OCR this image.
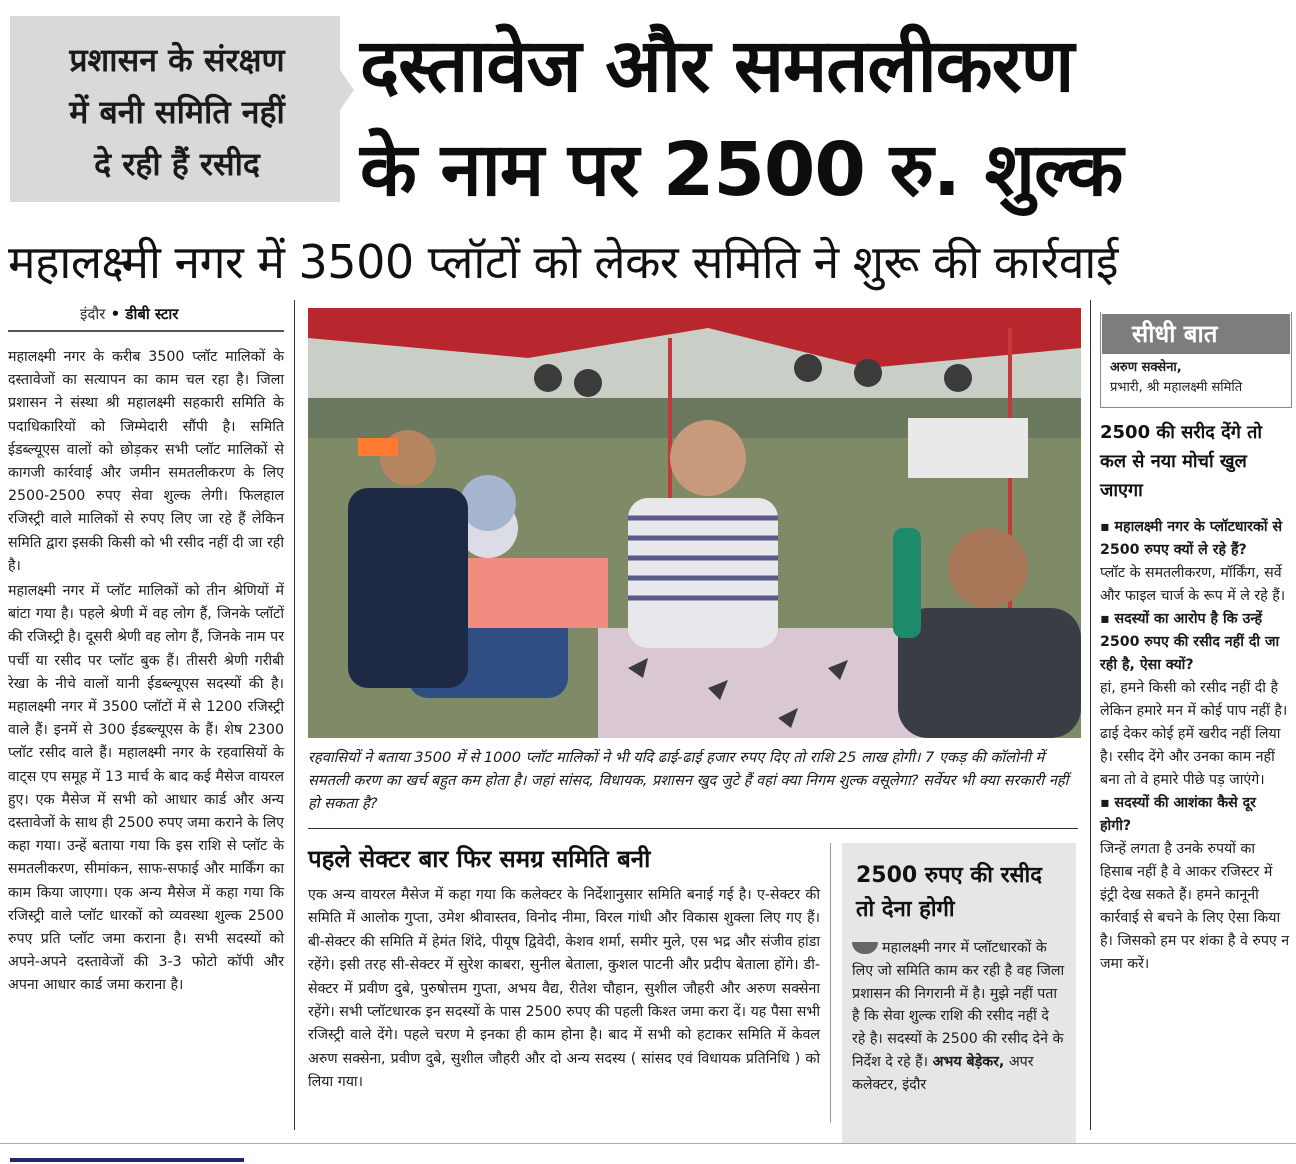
प्रशासन के संरक्षण

में बनी समिति नहीं

दे रही हैं रसीद

दस्तावेज और समतलीकरण
के नाम पर 2500 रु. शुल्क
महालक्ष्मी नगर में 3500 प्लॉटों को लेकर समिति ने शुरू की कार्रवाई
इंदौर • डीबी स्टार

महालक्ष्मी नगर के करीब 3500 प्लॉट मालिकों के दस्तावेजों का सत्यापन का काम चल रहा है। जिला प्रशासन ने संस्था श्री महालक्ष्मी सहकारी समिति के पदाधिकारियों को जिम्मेदारी सौंपी है। समिति ईडब्ल्यूएस वालों को छोड़कर सभी प्लॉट मालिकों से कागजी कार्रवाई और जमीन समतलीकरण के लिए 2500-2500 रुपए सेवा शुल्क लेगी। फिलहाल रजिस्ट्री वाले मालिकों से रुपए लिए जा रहे हैं लेकिन समिति द्वारा इसकी किसी को भी रसीद नहीं दी जा रही है।

महालक्ष्मी नगर में प्लॉट मालिकों को तीन श्रेणियों में बांटा गया है। पहले श्रेणी में वह लोग हैं, जिनके प्लॉटों की रजिस्ट्री है। दूसरी श्रेणी वह लोग हैं, जिनके नाम पर पर्ची या रसीद पर प्लॉट बुक हैं। तीसरी श्रेणी गरीबी रेखा के नीचे वालों यानी ईडब्ल्यूएस सदस्यों की है। महालक्ष्मी नगर में 3500 प्लॉटों में से 1200 रजिस्ट्री वाले हैं। इनमें से 300 ईडब्ल्यूएस के हैं। शेष 2300 प्लॉट रसीद वाले हैं। महालक्ष्मी नगर के रहवासियों के वाट्स एप समूह में 13 मार्च के बाद कई मैसेज वायरल हुए। एक मैसेज में सभी को आधार कार्ड और अन्य दस्तावेजों के साथ ही 2500 रुपए जमा कराने के लिए कहा गया। उन्हें बताया गया कि इस राशि से प्लॉट के समतलीकरण, सीमांकन, साफ-सफाई और मार्किंग का काम किया जाएगा। एक अन्य मैसेज में कहा गया कि रजिस्ट्री वाले प्लॉट धारकों को व्यवस्था शुल्क 2500 रुपए प्रति प्लॉट जमा कराना है। सभी सदस्यों को अपने-अपने दस्तावेजों की 3-3 फोटो कॉपी और अपना आधार कार्ड जमा कराना है।

रहवासियों ने बताया 3500 में से 1000 प्लॉट मालिकों ने भी यदि ढाई-ढाई हजार रुपए दिए तो राशि 25 लाख होगी। 7 एकड़ की कॉलोनी में समतली करण का खर्च बहुत कम होता है। जहां सांसद, विधायक, प्रशासन खुद जुटे हैं वहां क्या निगम शुल्क वसूलेगा? सर्वेयर भी क्या सरकारी नहीं हो सकता है?
पहले सेक्टर बार फिर समग्र समिति बनी
एक अन्य वायरल मैसेज में कहा गया कि कलेक्टर के निर्देशानुसार समिति बनाई गई है। ए-सेक्टर की समिति में आलोक गुप्ता, उमेश श्रीवास्तव, विनोद नीमा, विरल गांधी और विकास शुक्ला लिए गए हैं। बी-सेक्टर की समिति में हेमंत शिंदे, पीयूष द्विवेदी, केशव शर्मा, समीर मुले, एस भद्र और संजीव हांडा रहेंगे। इसी तरह सी-सेक्टर में सुरेश काबरा, सुनील बेताला, कुशल पाटनी और प्रदीप बेताला होंगे। डी-सेक्टर में प्रवीण दुबे, पुरुषोत्तम गुप्ता, अभय वैद्य, रीतेश चौहान, सुशील जौहरी और अरुण सक्सेना रहेंगे। सभी प्लॉटधारक इन सदस्यों के पास 2500 रुपए की पहली किश्त जमा करा दें। यह पैसा सभी रजिस्ट्री वाले देंगे। पहले चरण मे इनका ही काम होना है। बाद में सभी को हटाकर समिति में केवल अरुण सक्सेना, प्रवीण दुबे, सुशील जौहरी और दो अन्य सदस्य ( सांसद एवं विधायक प्रतिनिधि ) को लिया गया।
2500 रुपए की रसीद तो देना होगी
महालक्ष्मी नगर में प्लॉटधारकों के लिए जो समिति काम कर रही है वह जिला प्रशासन की निगरानी में है। मुझे नहीं पता है कि सेवा शुल्क राशि की रसीद नहीं दे रहे है। सदस्यों के 2500 की रसीद देने के निर्देश दे रहे हैं। अभय बेड़ेकर, अपर कलेक्टर, इंदौर
सीधी बात
अरुण सक्सेना,
प्रभारी, श्री महालक्ष्मी समिति
2500 की सरीद देंगे तो कल से नया मोर्चा खुल जाएगा
▪ महालक्ष्मी नगर के प्लॉटधारकों से 2500 रुपए क्यों ले रहे हैं?
प्लॉट के समतलीकरण, मॉर्किंग, सर्वे और फाइल चार्ज के रूप में ले रहे हैं।
▪ सदस्यों का आरोप है कि उन्हें 2500 रुपए की रसीद नहीं दी जा रही है, ऐसा क्यों?
हां, हमने किसी को रसीद नहीं दी है लेकिन हमारे मन में कोई पाप नहीं है। ढाई देकर कोई हमें खरीद नहीं लिया है। रसीद देंगे और उनका काम नहीं बना तो वे हमारे पीछे पड़ जाएंगे।
▪ सदस्यों की आशंका कैसे दूर होगी?
जिन्हें लगता है उनके रुपयों का हिसाब नहीं है वे आकर रजिस्टर में इंट्री देख सकते हैं। हमने कानूनी कार्रवाई से बचने के लिए ऐसा किया है। जिसको हम पर शंका है वे रुपए न जमा करें।
